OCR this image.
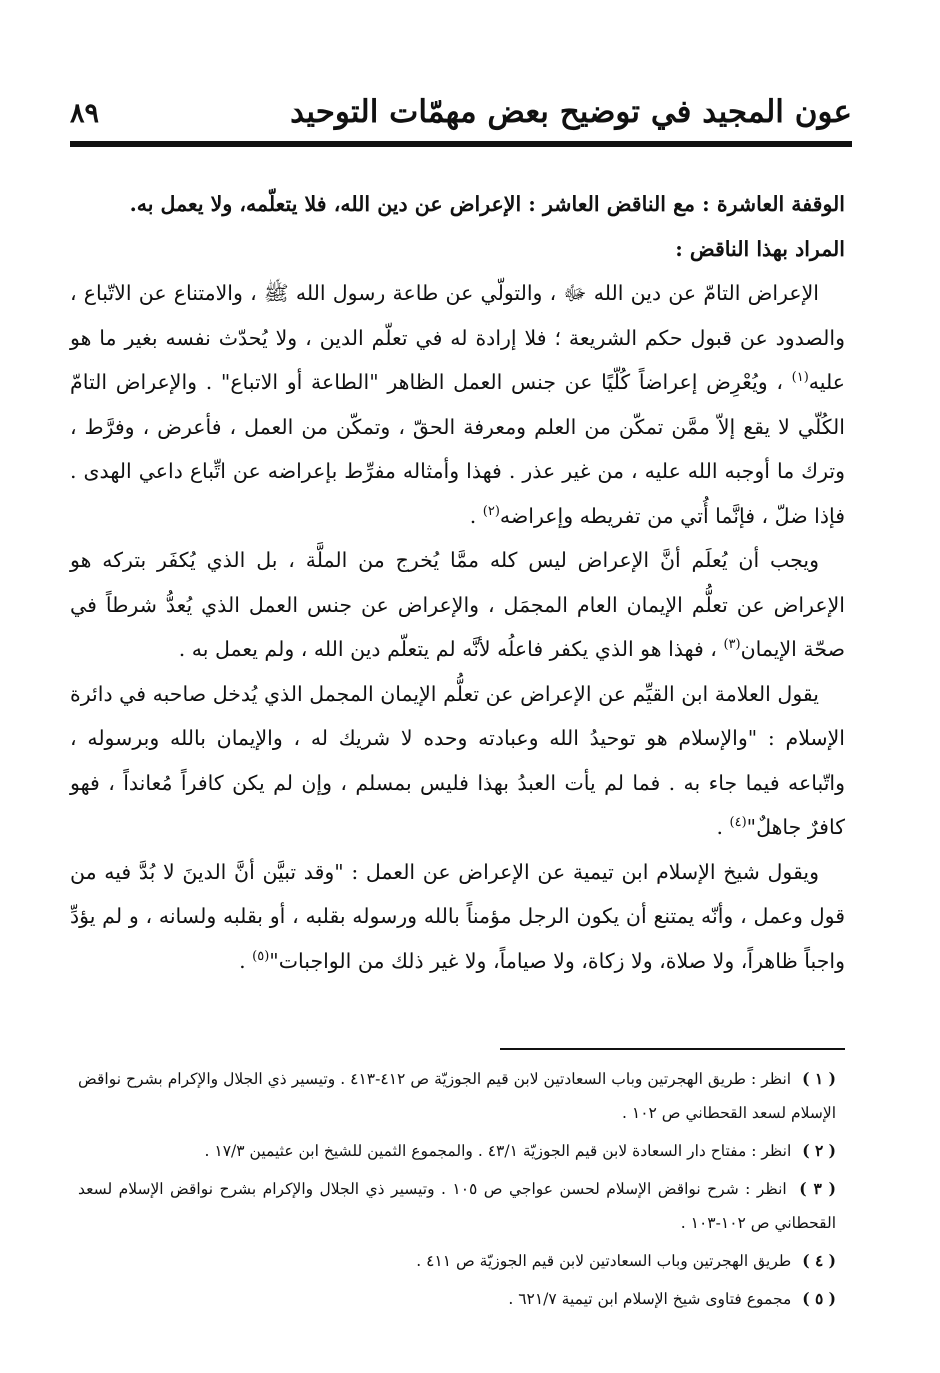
عون المجيد في توضيح بعض مهمّات التوحيد
٨٩

الوقفة العاشرة : مع الناقض العاشر : الإعراض عن دين الله، فلا يتعلّمه، ولا يعمل به.

المراد بهذا الناقض :

الإعراض التامّ عن دين الله ﷻ ، والتولّي عن طاعة رسول الله ﷺ ، والامتناع عن الاتّباع ، والصدود عن قبول حكم الشريعة ؛ فلا إرادة له في تعلّم الدين ، ولا يُحدّث نفسه بغير ما هو عليه$^{(١)}$ ، ويُعْرِض إعراضاً كُلّيًا عن جنس العمل الظاهر "الطاعة أو الاتباع" . والإعراض التامّ الكُلّي لا يقع إلاّ ممَّن تمكّن من العلم ومعرفة الحقّ ، وتمكّن من العمل ، فأعرض ، وفرَّط ، وترك ما أوجبه الله عليه ، من غير عذر . فهذا وأمثاله مفرِّط بإعراضه عن اتِّباع داعي الهدى . فإذا ضلّ ، فإنَّما أُتي من تفريطه وإعراضه$^{(٢)}$ .

ويجب أن يُعلَم أنَّ الإعراض ليس كله ممَّا يُخرج من الملَّة ، بل الذي يُكفَر بتركه هو الإعراض عن تعلُّم الإيمان العام المجمَل ، والإعراض عن جنس العمل الذي يُعدُّ شرطاً في صحّة الإيمان$^{(٣)}$ ، فهذا هو الذي يكفر فاعلُه لأنَّه لم يتعلّم دين الله ، ولم يعمل به .

يقول العلامة ابن القيِّم عن الإعراض عن تعلُّم الإيمان المجمل الذي يُدخل صاحبه في دائرة الإسلام : "والإسلام هو توحيدُ الله وعبادته وحده لا شريك له ، والإيمان بالله وبرسوله ، واتّباعه فيما جاء به . فما لم يأت العبدُ بهذا فليس بمسلم ، وإن لم يكن كافراً مُعانداً ، فهو كافرٌ جاهلٌ"$^{(٤)}$ .

ويقول شيخ الإسلام ابن تيمية عن الإعراض عن العمل : "وقد تبيَّن أنَّ الدينَ لا بُدَّ فيه من قول وعمل ، وأنّه يمتنع أن يكون الرجل مؤمناً بالله ورسوله بقلبه ، أو بقلبه ولسانه ، و لم يؤدِّ واجباً ظاهراً، ولا صلاة، ولا زكاة، ولا صياماً، ولا غير ذلك من الواجبات"$^{(٥)}$ .

( ١ ) انظر : طريق الهجرتين وباب السعادتين لابن قيم الجوزيّة ص ٤١٢-٤١٣ . وتيسير ذي الجلال والإكرام بشرح نواقض الإسلام لسعد القحطاني ص ١٠٢ .

( ٢ ) انظر : مفتاح دار السعادة لابن قيم الجوزيّة ٤٣/١ . والمجموع الثمين للشيخ ابن عثيمين ١٧/٣ .

( ٣ ) انظر : شرح نواقض الإسلام لحسن عواجي ص ١٠٥ . وتيسير ذي الجلال والإكرام بشرح نواقض الإسلام لسعد القحطاني ص ١٠٢-١٠٣ .

( ٤ ) طريق الهجرتين وباب السعادتين لابن قيم الجوزيّة ص ٤١١ .

( ٥ ) مجموع فتاوى شيخ الإسلام ابن تيمية ٦٢١/٧ .
